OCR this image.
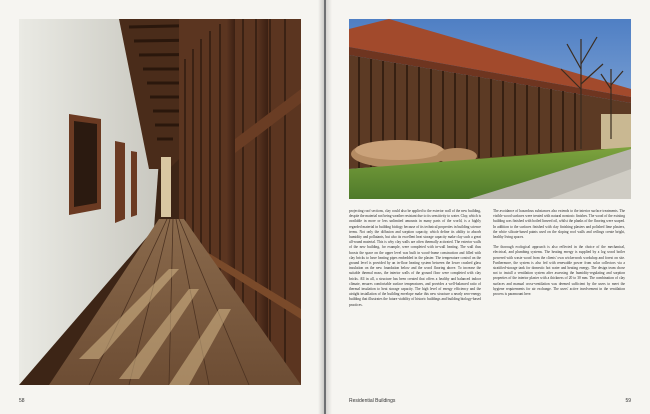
58

projecting roof sections, clay could also be applied to the exterior wall of the new building, despite the material not being weather resistant due to its sensitivity to water. Clay, which is available in more or less unlimited amounts in many parts of the world, is a highly regarded material in building biology because of its technical properties in building science terms. Not only the diffusion and sorption capacity, which define its ability to absorb humidity and pollutants, but also its excellent heat storage capacity make clay such a great all-round material. This is why clay walls are often thermally activated. The exterior walls of the new building, for example, were completed with in-wall heating. The wall thus boosts the space on the upper level was built in wood-frame construction and filled with clay bricks to have heating pipes embedded in the plaster. The temperature control on the ground level is provided by an in-floor heating system between the lower crushed glass insulation on the new foundation below and the wood flooring above. To increase the suitable thermal mass, the interior walls of the ground floor were completed with clay bricks. All in all, a structure has been created that offers a healthy and balanced indoor climate, ensures comfortable surface temperatures, and provides a well-balanced ratio of thermal insulation to heat storage capacity. The high level of energy efficiency and the airtight installation of the building envelope make this new structure a nearly zero-energy building that illustrates the future viability of historic buildings and building biology-based practices.

The avoidance of hazardous substances also extends to the interior surface treatments. The visible wood surfaces were treated with natural nontoxic finishes. The wood of the existing building was finished with boiled linseed oil, whilst the planks of the flooring were soaped. In addition to the surfaces finished with clay finishing plasters and polished lime plasters, the white silicate-based paints used on the sloping roof walls and ceilings create bright, healthy living spaces.

The thorough ecological approach is also reflected in the choice of the mechanical, electrical, and plumbing systems. The heating energy is supplied by a log wood boiler powered with waste wood from the clients' own wickerwork workshop and forest on site. Furthermore, the system is also fed with renewable power from solar collectors via a stratified-storage tank for domestic hot water and heating energy. The design team chose not to install a ventilation system after assessing the humidity-regulating and sorption properties of the interior plaster with a thickness of 20 to 30 mm. The combination of clay surfaces and manual cross-ventilation was deemed sufficient by the users to meet the hygiene requirements for air exchange. The users' active involvement in the ventilation process is paramount here.

Residential Buildings	59
